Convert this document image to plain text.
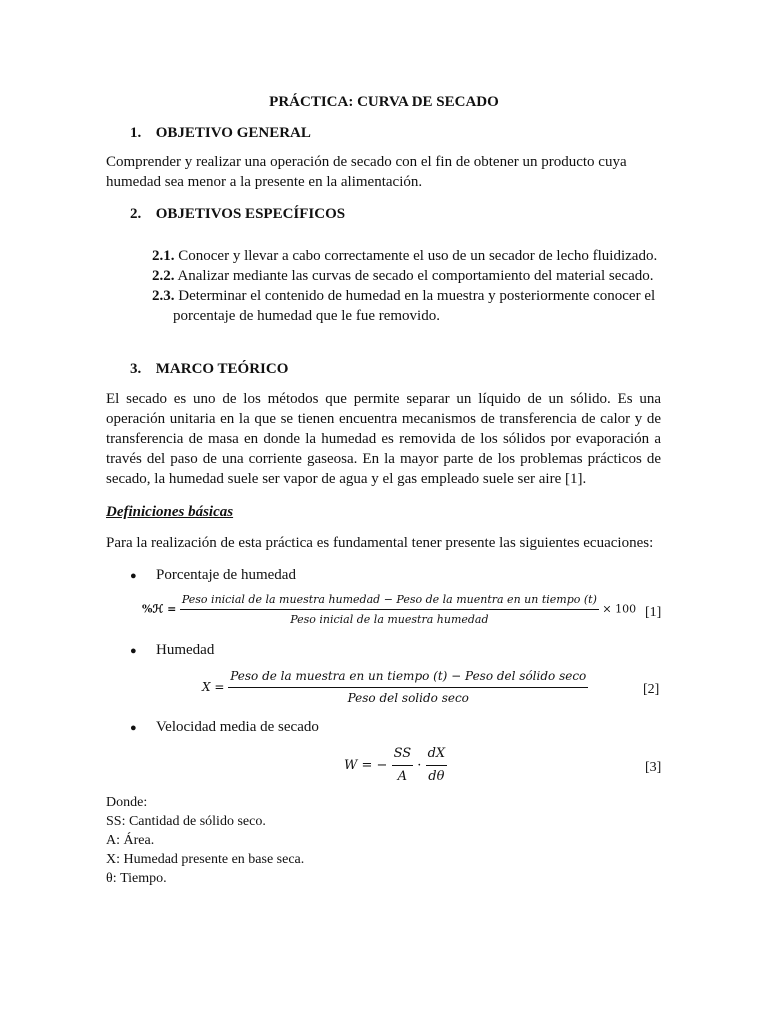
PRÁCTICA: CURVA DE SECADO
1. OBJETIVO GENERAL
Comprender y realizar una operación de secado con el fin de obtener un producto cuya humedad sea menor a la presente en la alimentación.
2. OBJETIVOS ESPECÍFICOS
2.1. Conocer y llevar a cabo correctamente el uso de un secador de lecho fluidizado.
2.2. Analizar mediante las curvas de secado el comportamiento del material secado.
2.3. Determinar el contenido de humedad en la muestra y posteriormente conocer el
porcentaje de humedad que le fue removido.
3. MARCO TEÓRICO
El secado es uno de los métodos que permite separar un líquido de un sólido. Es una operación unitaria en la que se tienen encuentra mecanismos de transferencia de calor y de transferencia de masa en donde la humedad es removida de los sólidos por evaporación a través del paso de una corriente gaseosa. En la mayor parte de los problemas prácticos de secado, la humedad suele ser vapor de agua y el gas empleado suele ser aire [1].
Definiciones básicas
Para la realización de esta práctica es fundamental tener presente las siguientes ecuaciones:
● Porcentaje de humedad
%ℋ =
Peso inicial de la muestra humedad − Peso de la muentra en un tiempo (t)
Peso inicial de la muestra humedad
× 100 [1]
● Humedad
$X = \frac{\text{Peso de la muestra en un tiempo (t) − Peso del sólido seco}}{\text{Peso del solido seco}}$	[2]
● Velocidad media de secado
W = − $\frac{SS}{A} \cdot \frac{dX}{d\theta}$	[3]
Donde:
SS: Cantidad de sólido seco.
A: Área.
X: Humedad presente en base seca.
θ: Tiempo.
